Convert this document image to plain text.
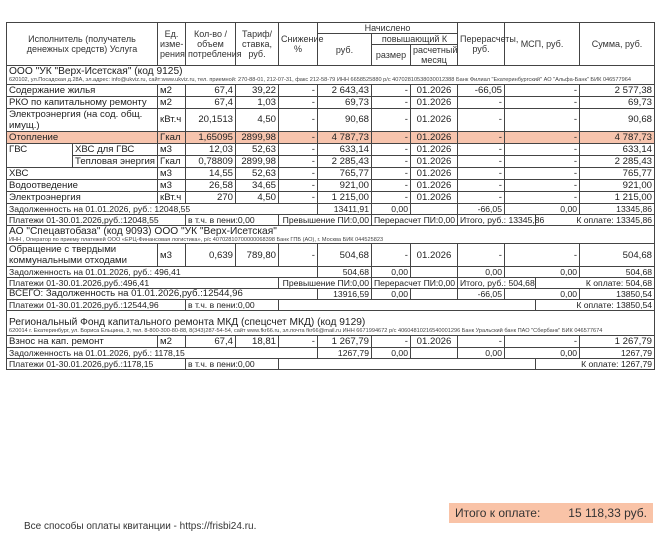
Исполнитель (получатель денежных средств) Услуга		Ед. изме- рения	Кол-во / объем потребления	Тариф/ ставка, руб.	Снижение %	Начислено			Перерасчеты, руб.	МСП, руб.		Сумма, руб.
						руб.	повышающий К					
							размер	расчетный месяц				
ООО "УК "Верх-Исетская" (код 9125)												
620102, ул.Посадская д.28А, эл.адрес: info@ukviz.ru, сайт:www.ukviz.ru, тел. приемной: 270-88-01, 212-07-31, факс 212-58-79 ИНН 6658525880 р/с 40702810538030012388 Банк Филиал "Екатеринбургский" АО "Альфа-Банк" БИК 046577964												
Содержание жилья		м2	67,4	39,22	-	2 643,43	-	01.2026	-66,05	-		2 577,38
РКО по капитальному ремонту		м2	67,4	1,03	-	69,73	-	01.2026	-	-		69,73
Электроэнергия (на сод. общ. имущ.)		кВт.ч	20,1513	4,50	-	90,68	-	01.2026	-	-		90,68
Отопление		Гкал	1,65095	2899,98	-	4 787,73	-	01.2026	-	-		4 787,73
ГВС	ХВС для ГВС	м3	12,03	52,63	-	633,14	-	01.2026	-	-		633,14
	Тепловая энергия	Гкал	0,78809	2899,98	-	2 285,43	-	01.2026	-	-		2 285,43
ХВС		м3	14,55	52,63	-	765,77	-	01.2026	-	-		765,77
Водоотведение		м3	26,58	34,65	-	921,00	-	01.2026	-	-		921,00
Электроэнергия		кВт.ч	270	4,50	-	1 215,00	-	01.2026	-	-		1 215,00
Задолженность на 01.01.2026, руб.: 12048,55						13411,91	0,00		-66,05	0,00		13345,86
Платежи 01-30.01.2026,руб.:12048,55			в т.ч. в пени:0,00		Превышение ПИ:0,00		Перерасчет ПИ:0,00		Итого, руб.: 13345,86		К оплате: 13345,86	
АО "Спецавтобаза" (код 9093) ООО "УК "Верх-Исетская"												
ИНН , Оператор по приему платежей ООО «ЕРЦ-Финансовая логистика», р/с 40702810700000068398 Банк ГПБ (АО), г. Москва БИК 044525823												
Обращение с твердыми коммунальными отходами		м3	0,639	789,80	-	504,68	-	01.2026	-	-		504,68
Задолженность на 01.01.2026, руб.: 496,41						504,68	0,00		0,00	0,00		504,68
Платежи 01-30.01.2026,руб.:496,41					Превышение ПИ:0,00		Перерасчет ПИ:0,00		Итого, руб.: 504,68		К оплате: 504,68	
ВСЕГО: Задолженность на 01.01.2026,руб.:12544,96						13916,59	0,00		-66,05	0,00		13850,54
Платежи 01-30.01.2026,руб.:12544,96			в т.ч. в пени:0,00								К оплате: 13850,54	
Региональный Фонд капитального ремонта МКД (спецсчет МКД) (код 9129)												
620014 г. Екатеринбург, ул. Бориса Ельцина, 3, тел. 8-800-300-80-88, 8(343)287-54-54, сайт www.fkr66.ru, эл.почта fkr66@mail.ru ИНН 6671994672 р/с 40604810216540001296 Банк Уральский банк ПАО "Сбербанк" БИК 046577674												
Взнос на кап. ремонт		м2	67,4	18,81	-	1 267,79	-	01.2026	-	-		1 267,79
Задолженность на 01.01.2026, руб.: 1178,15						1267,79	0,00		0,00	0,00		1267,79
Платежи 01-30.01.2026,руб.:1178,15			в т.ч. в пени:0,00								К оплате: 1267,79	
Итого к оплате: 15 118,33 руб.
Все способы оплаты квитанции - https://frisbi24.ru.
